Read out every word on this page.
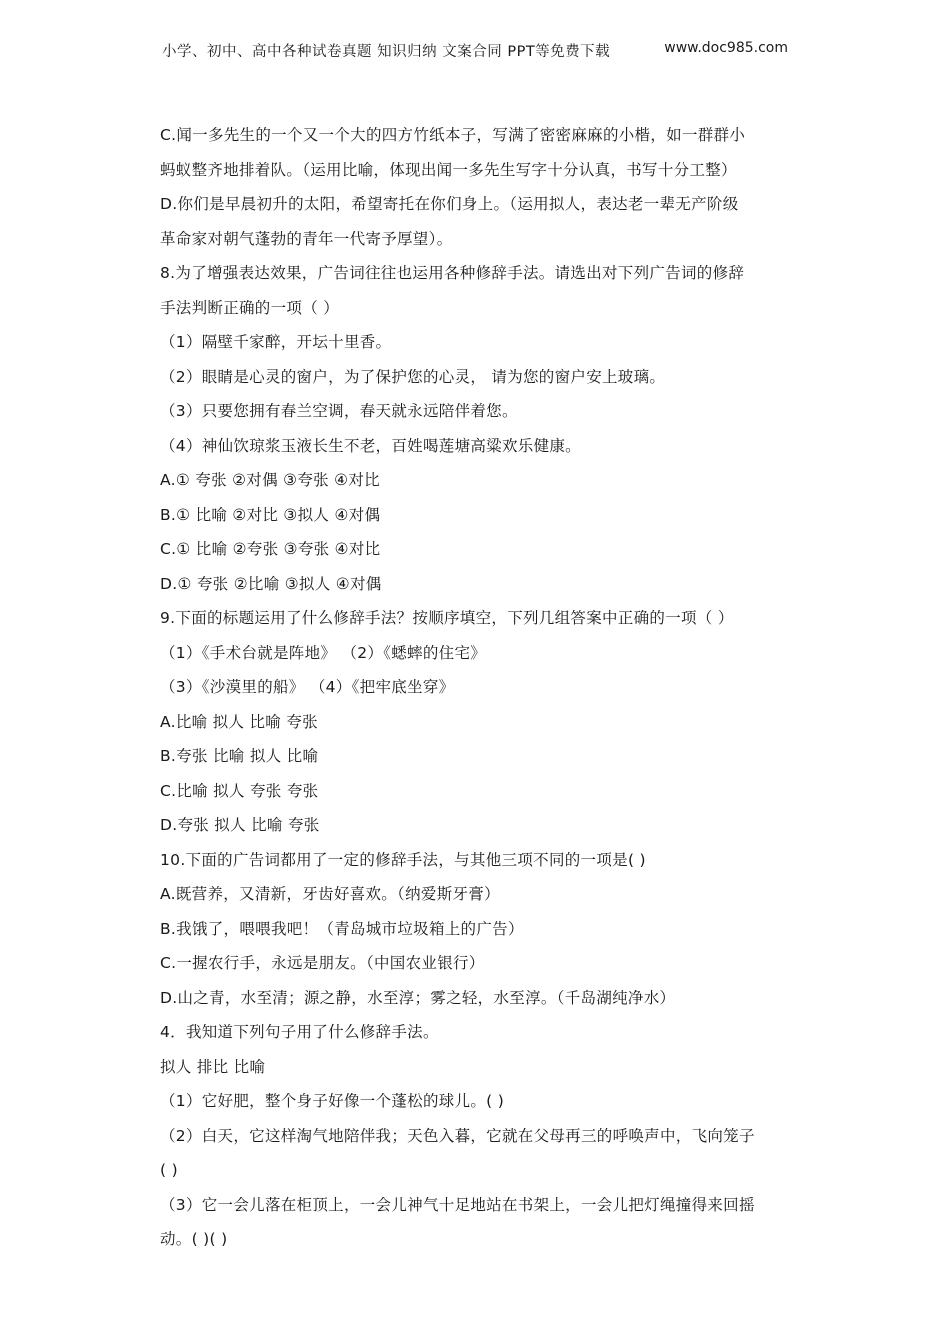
小学、初中、高中各种试卷真题 知识归纳 文案合同 PPT等免费下载	www.doc985.com
C.闻一多先生的一个又一个大的四方竹纸本子，写满了密密麻麻的小楷，如一群群小
蚂蚁整齐地排着队。（运用比喻，体现出闻一多先生写字十分认真，书写十分工整）
D.你们是早晨初升的太阳，希望寄托在你们身上。（运用拟人，表达老一辈无产阶级
革命家对朝气蓬勃的青年一代寄予厚望）。
8.为了增强表达效果，广告词往往也运用各种修辞手法。请选出对下列广告词的修辞
手法判断正确的一项（ ）
（1）隔壁千家醉，开坛十里香。
（2）眼睛是心灵的窗户，为了保护您的心灵， 请为您的窗户安上玻璃。
（3）只要您拥有春兰空调，春天就永远陪伴着您。
（4）神仙饮琼浆玉液长生不老，百姓喝莲塘高粱欢乐健康。
A.① 夸张 ②对偶 ③夸张 ④对比
B.① 比喻 ②对比 ③拟人 ④对偶
C.① 比喻 ②夸张 ③夸张 ④对比
D.① 夸张 ②比喻 ③拟人 ④对偶
9.下面的标题运用了什么修辞手法？按顺序填空，下列几组答案中正确的一项（ ）
（1）《手术台就是阵地》 （2）《蟋蟀的住宅》
（3）《沙漠里的船》 （4）《把牢底坐穿》
A.比喻 拟人 比喻 夸张
B.夸张 比喻 拟人 比喻
C.比喻 拟人 夸张 夸张
D.夸张 拟人 比喻 夸张
10.下面的广告词都用了一定的修辞手法，与其他三项不同的一项是( )
A.既营养，又清新，牙齿好喜欢。（纳爱斯牙膏）
B.我饿了，喂喂我吧！（青岛城市垃圾箱上的广告）
C.一握农行手，永远是朋友。（中国农业银行）
D.山之青，水至清；源之静，水至淳；雾之轻，水至淳。（千岛湖纯净水）
4．我知道下列句子用了什么修辞手法。
拟人 排比 比喻
（1）它好肥，整个身子好像一个蓬松的球儿。( )
（2）白天，它这样淘气地陪伴我；天色入暮，它就在父母再三的呼唤声中，飞向笼子
( )
（3）它一会儿落在柜顶上，一会儿神气十足地站在书架上，一会儿把灯绳撞得来回摇
动。( )( )
